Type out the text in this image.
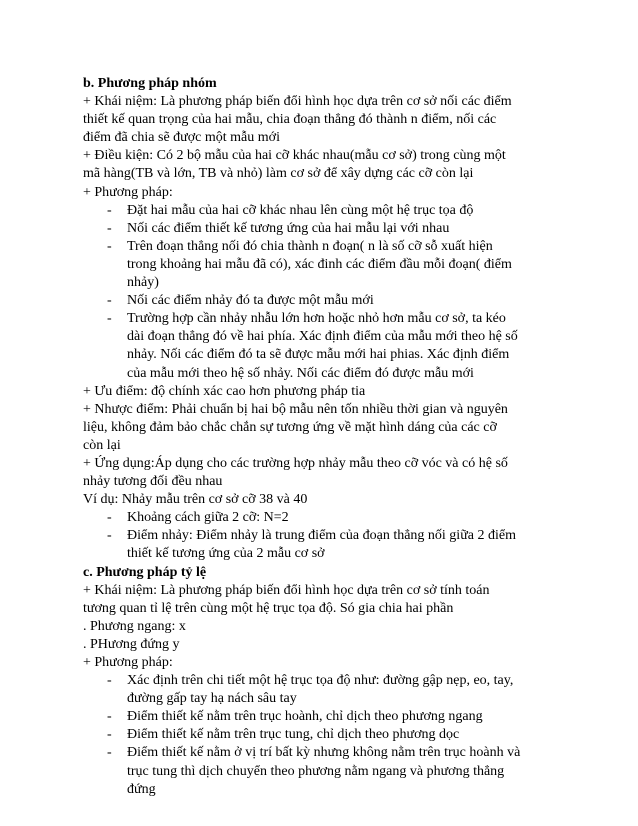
b. Phương pháp nhóm
+ Khái niệm: Là phương pháp biến đổi hình học dựa trên cơ sở nối các điểm
thiết kế quan trọng của hai mẫu, chia đoạn thẳng đó thành n điểm, nối các
điểm đã chia sẽ được một mẫu mới
+ Điều kiện: Có 2 bộ mẫu của hai cỡ khác nhau(mẫu cơ sở) trong cùng một
mã hàng(TB và lớn, TB và nhỏ) làm cơ sở để xây dựng các cỡ còn lại
+ Phương pháp:
- Đặt hai mẫu của hai cỡ khác nhau lên cùng một hệ trục tọa độ
- Nối các điểm thiết kế tương ứng của hai mẫu lại với nhau
- Trên đoạn thẳng nối đó chia thành n đoạn( n là số cỡ sỗ xuất hiện
trong khoảng hai mẫu đã có), xác đinh các điểm đầu mỗi đoạn( điểm
nhảy)
- Nối các điểm nhảy đó ta được một mẫu mới
- Trường hợp cần nhảy nhẫu lớn hơn hoặc nhỏ hơn mẫu cơ sở, ta kéo
dài đoạn thẳng đó về hai phía. Xác định điểm của mẫu mới theo hệ số
nhảy. Nối các điểm đó ta sẽ được mẫu mới hai phias. Xác định điểm
của mẫu mới theo hệ số nhảy. Nối các điểm đó được mẫu mới
+ Ưu điểm: độ chính xác cao hơn phương pháp tia
+ Nhược điểm: Phải chuẩn bị hai bộ mẫu nên tốn nhiều thời gian và nguyên
liệu, không đảm bảo chắc chắn sự tương ứng về mặt hình dáng của các cỡ
còn lại
+ Ứng dụng:Áp dụng cho các trường hợp nhảy mẫu theo cỡ vóc và có hệ số
nhảy tương đối đều nhau
Ví dụ: Nhảy mẫu trên cơ sở cỡ 38 và 40
- Khoảng cách giữa 2 cỡ: N=2
- Điểm nhảy: Điểm nhảy là trung điểm của đoạn thẳng nối giữa 2 điểm
thiết kế tương ứng của 2 mẫu cơ sở
c. Phương pháp tỷ lệ
+ Khái niệm: Là phương pháp biến đổi hình học dựa trên cơ sở tính toán
tương quan tỉ lệ trên cùng một hệ trục tọa độ. Só gia chia hai phần
. Phương ngang: x
. PHương đứng y
+ Phương pháp:
- Xác định trên chi tiết một hệ trục tọa độ như: đường gập nẹp, eo, tay,
đường gấp tay hạ nách sâu tay
- Điểm thiết kế nằm trên trục hoành, chỉ dịch theo phương ngang
- Điểm thiết kế nằm trên trục tung, chỉ dịch theo phương dọc
- Điểm thiết kế nằm ở vị trí bất kỳ nhưng không nằm trên trục hoành và
trục tung thì dịch chuyển theo phương nằm ngang và phương thẳng
đứng
